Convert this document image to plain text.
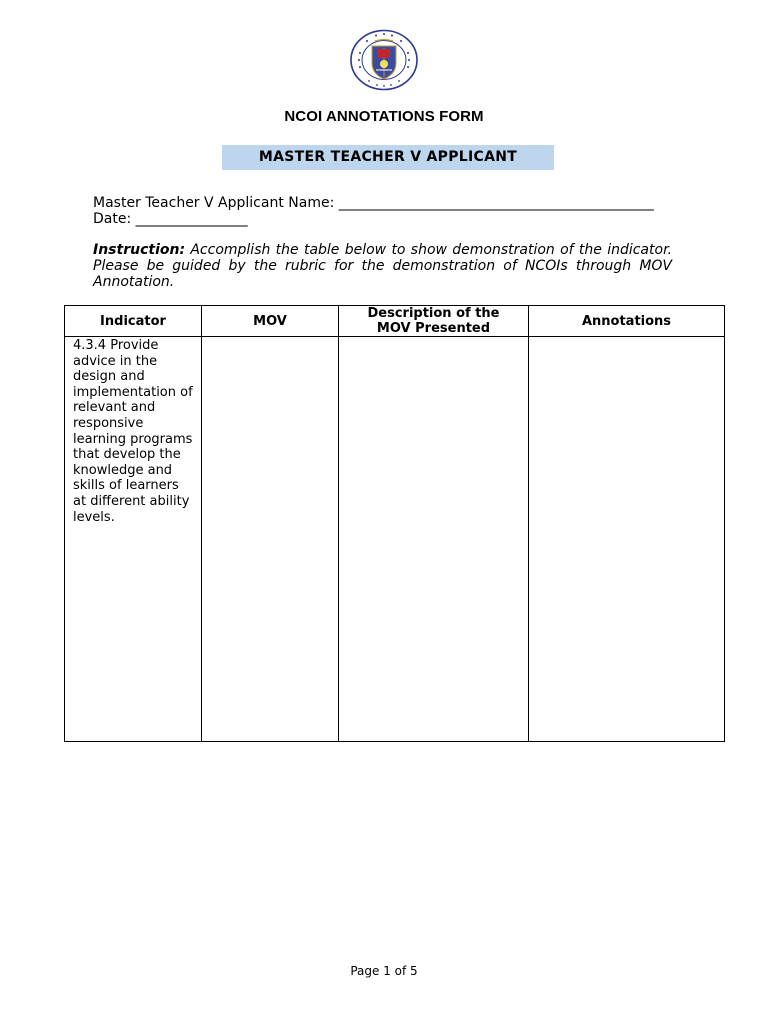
NCOI ANNOTATIONS FORM
MASTER TEACHER V APPLICANT
Master Teacher V Applicant Name: _____________________________________________
Date: ________________
Instruction: Accomplish the table below to show demonstration of the indicator. Please be guided by the rubric for the demonstration of NCOIs through MOV Annotation.
Indicator	MOV	Description of the MOV Presented	Annotations

4.3.4 Provide advice in the design and implementation of relevant and responsive learning programs that develop the knowledge and skills of learners at different ability levels.			

Page 1 of 5
